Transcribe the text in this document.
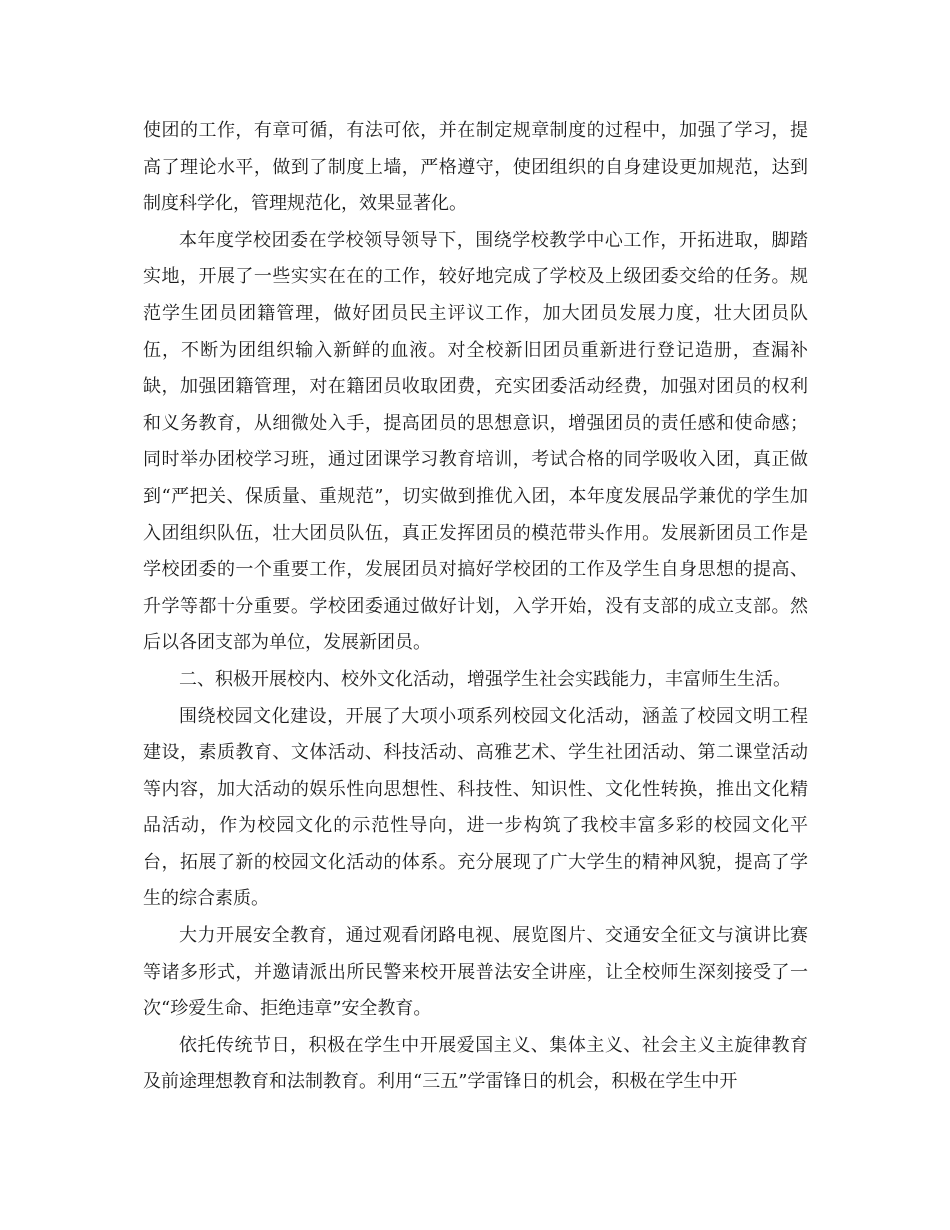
使团的工作，有章可循，有法可依，并在制定规章制度的过程中，加强了学习，提高了理论水平，做到了制度上墙，严格遵守，使团组织的自身建设更加规范，达到制度科学化，管理规范化，效果显著化。

本年度学校团委在学校领导领导下，围绕学校教学中心工作，开拓进取，脚踏实地，开展了一些实实在在的工作，较好地完成了学校及上级团委交给的任务。规范学生团员团籍管理，做好团员民主评议工作，加大团员发展力度，壮大团员队伍，不断为团组织输入新鲜的血液。对全校新旧团员重新进行登记造册，查漏补缺，加强团籍管理，对在籍团员收取团费，充实团委活动经费，加强对团员的权利和义务教育，从细微处入手，提高团员的思想意识，增强团员的责任感和使命感；同时举办团校学习班，通过团课学习教育培训，考试合格的同学吸收入团，真正做到“严把关、保质量、重规范”，切实做到推优入团，本年度发展品学兼优的学生加入团组织队伍，壮大团员队伍，真正发挥团员的模范带头作用。发展新团员工作是学校团委的一个重要工作，发展团员对搞好学校团的工作及学生自身思想的提高、升学等都十分重要。学校团委通过做好计划，入学开始，没有支部的成立支部。然后以各团支部为单位，发展新团员。

二、积极开展校内、校外文化活动，增强学生社会实践能力，丰富师生生活。

围绕校园文化建设，开展了大项小项系列校园文化活动，涵盖了校园文明工程建设，素质教育、文体活动、科技活动、高雅艺术、学生社团活动、第二课堂活动等内容，加大活动的娱乐性向思想性、科技性、知识性、文化性转换，推出文化精品活动，作为校园文化的示范性导向，进一步构筑了我校丰富多彩的校园文化平台，拓展了新的校园文化活动的体系。充分展现了广大学生的精神风貌，提高了学生的综合素质。

大力开展安全教育，通过观看闭路电视、展览图片、交通安全征文与演讲比赛等诸多形式，并邀请派出所民警来校开展普法安全讲座，让全校师生深刻接受了一次“珍爱生命、拒绝违章”安全教育。

依托传统节日，积极在学生中开展爱国主义、集体主义、社会主义主旋律教育及前途理想教育和法制教育。利用“三五”学雷锋日的机会，积极在学生中开
